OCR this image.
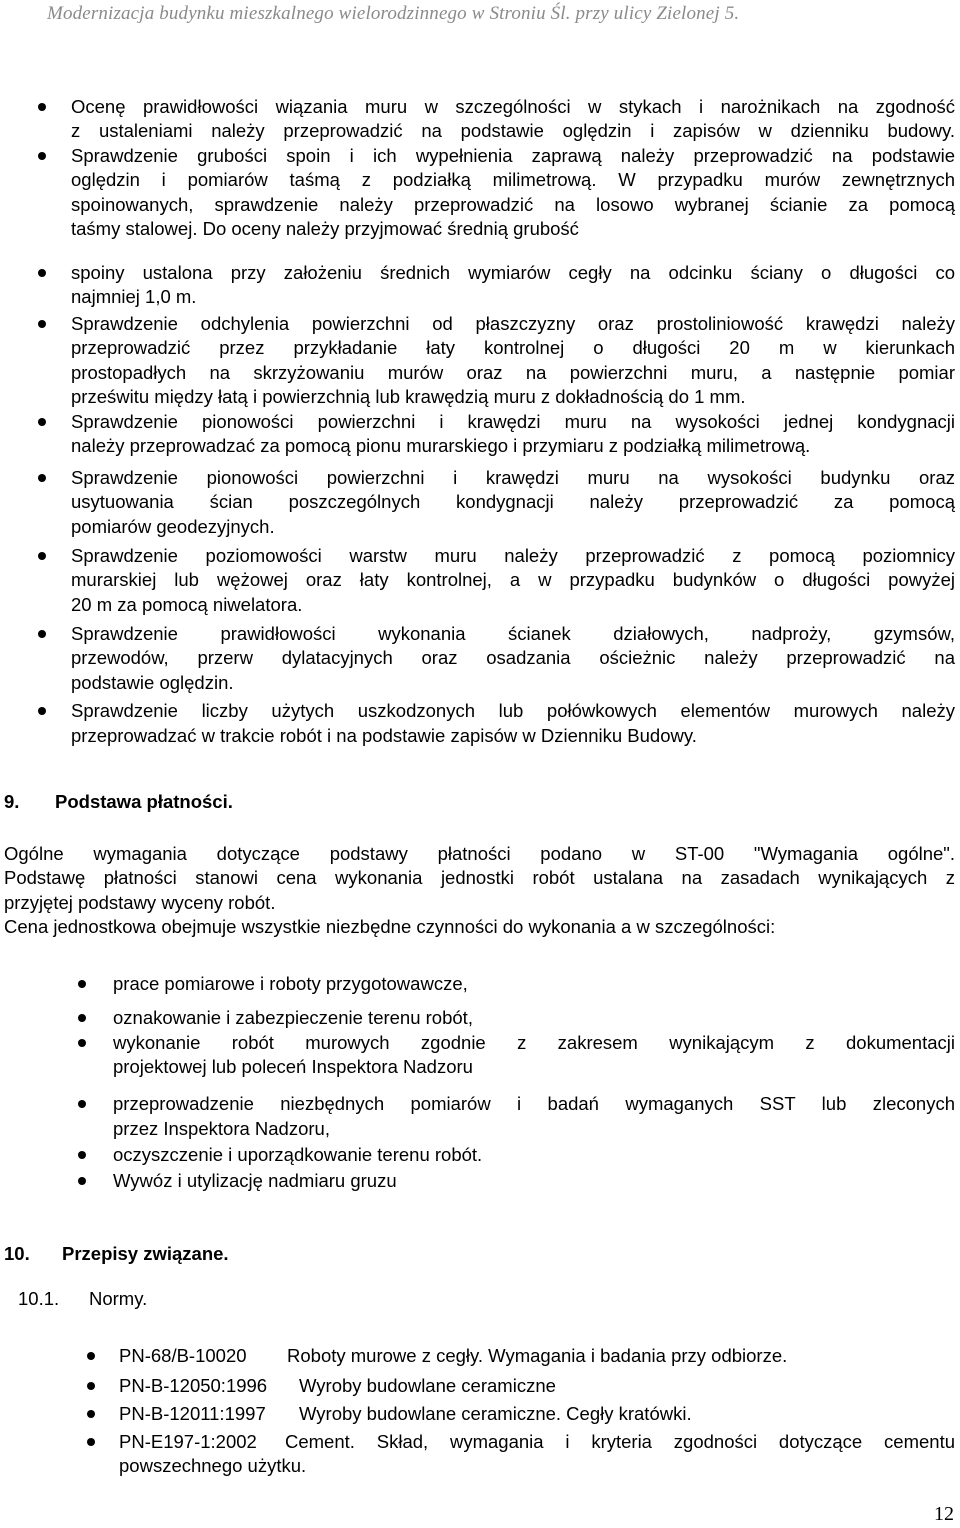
Modernizacja budynku mieszkalnego wielorodzinnego w Stroniu Śl. przy ulicy Zielonej 5.
Ocenę prawidłowości wiązania muru w szczególności w stykach i narożnikach na zgodność
z ustaleniami należy przeprowadzić na podstawie oględzin i zapisów w dzienniku budowy.
Sprawdzenie grubości spoin i ich wypełnienia zaprawą należy przeprowadzić na podstawie
oględzin i pomiarów taśmą z podziałką milimetrową. W przypadku murów zewnętrznych
spoinowanych, sprawdzenie należy przeprowadzić na losowo wybranej ścianie za pomocą
taśmy stalowej. Do oceny należy przyjmować średnią grubość
spoiny ustalona przy założeniu średnich wymiarów cegły na odcinku ściany o długości co
najmniej 1,0 m.
Sprawdzenie odchylenia powierzchni od płaszczyzny oraz prostoliniowość krawędzi należy
przeprowadzić przez przykładanie łaty kontrolnej o długości 20 m w kierunkach
prostopadłych na skrzyżowaniu murów oraz na powierzchni muru, a następnie pomiar
prześwitu między łatą i powierzchnią lub krawędzią muru z dokładnością do 1 mm.
Sprawdzenie pionowości powierzchni i krawędzi muru na wysokości jednej kondygnacji
należy przeprowadzać za pomocą pionu murarskiego i przymiaru z podziałką milimetrową.
Sprawdzenie pionowości powierzchni i krawędzi muru na wysokości budynku oraz
usytuowania ścian poszczególnych kondygnacji należy przeprowadzić za pomocą
pomiarów geodezyjnych.
Sprawdzenie poziomowości warstw muru należy przeprowadzić z pomocą poziomnicy
murarskiej lub wężowej oraz łaty kontrolnej, a w przypadku budynków o długości powyżej
20 m za pomocą niwelatora.
Sprawdzenie prawidłowości wykonania ścianek działowych, nadproży, gzymsów,
przewodów, przerw dylatacyjnych oraz osadzania ościeżnic należy przeprowadzić na
podstawie oględzin.
Sprawdzenie liczby użytych uszkodzonych lub połówkowych elementów murowych należy
przeprowadzać w trakcie robót i na podstawie zapisów w Dzienniku Budowy.
9. Podstawa płatności.
Ogólne wymagania dotyczące podstawy płatności podano w ST-00 "Wymagania ogólne".
Podstawę płatności stanowi cena wykonania jednostki robót ustalana na zasadach wynikających z
przyjętej podstawy wyceny robót.
Cena jednostkowa obejmuje wszystkie niezbędne czynności do wykonania a w szczególności:
prace pomiarowe i roboty przygotowawcze,
oznakowanie i zabezpieczenie terenu robót,
wykonanie robót murowych zgodnie z zakresem wynikającym z dokumentacji
projektowej lub poleceń Inspektora Nadzoru
przeprowadzenie niezbędnych pomiarów i badań wymaganych SST lub zleconych
przez Inspektora Nadzoru,
oczyszczenie i uporządkowanie terenu robót.
Wywóz i utylizację nadmiaru gruzu
10. Przepisy związane.
10.1. Normy.
PN-68/B-10020 Roboty murowe z cegły. Wymagania i badania przy odbiorze.
PN-B-12050:1996 Wyroby budowlane ceramiczne
PN-B-12011:1997 Wyroby budowlane ceramiczne. Cegły kratówki.
PN-E197-1:2002 Cement. Skład, wymagania i kryteria zgodności dotyczące cementu
powszechnego użytku.
12
